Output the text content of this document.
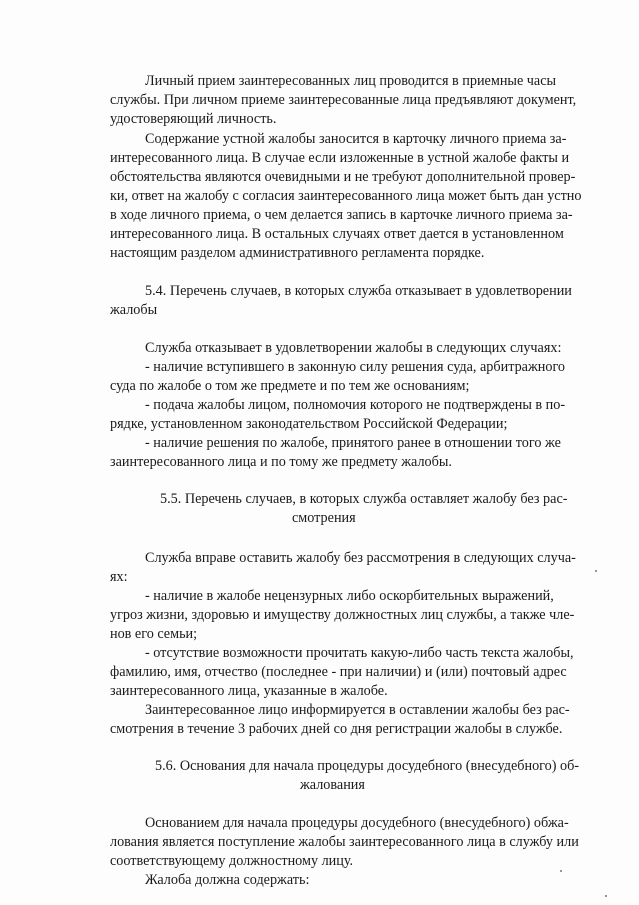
Личный прием заинтересованных лиц проводится в приемные часы
службы. При личном приеме заинтересованные лица предъявляют документ,
удостоверяющий личность.
Содержание устной жалобы заносится в карточку личного приема за-
интересованного лица. В случае если изложенные в устной жалобе факты и
обстоятельства являются очевидными и не требуют дополнительной провер-
ки, ответ на жалобу с согласия заинтересованного лица может быть дан устно
в ходе личного приема, о чем делается запись в карточке личного приема за-
интересованного лица. В остальных случаях ответ дается в установленном
настоящим разделом административного регламента порядке.
5.4. Перечень случаев, в которых служба отказывает в удовлетворении
жалобы
Служба отказывает в удовлетворении жалобы в следующих случаях:
- наличие вступившего в законную силу решения суда, арбитражного
суда по жалобе о том же предмете и по тем же основаниям;
- подача жалобы лицом, полномочия которого не подтверждены в по-
рядке, установленном законодательством Российской Федерации;
- наличие решения по жалобе, принятого ранее в отношении того же
заинтересованного лица и по тому же предмету жалобы.
5.5. Перечень случаев, в которых служба оставляет жалобу без рас-
смотрения
Служба вправе оставить жалобу без рассмотрения в следующих случа-
ях:
- наличие в жалобе нецензурных либо оскорбительных выражений,
угроз жизни, здоровью и имуществу должностных лиц службы, а также чле-
нов его семьи;
- отсутствие возможности прочитать какую-либо часть текста жалобы,
фамилию, имя, отчество (последнее - при наличии) и (или) почтовый адрес
заинтересованного лица, указанные в жалобе.
Заинтересованное лицо информируется в оставлении жалобы без рас-
смотрения в течение 3 рабочих дней со дня регистрации жалобы в службе.
5.6. Основания для начала процедуры досудебного (внесудебного) об-
жалования
Основанием для начала процедуры досудебного (внесудебного) обжа-
лования является поступление жалобы заинтересованного лица в службу или
соответствующему должностному лицу.
Жалоба должна содержать:
